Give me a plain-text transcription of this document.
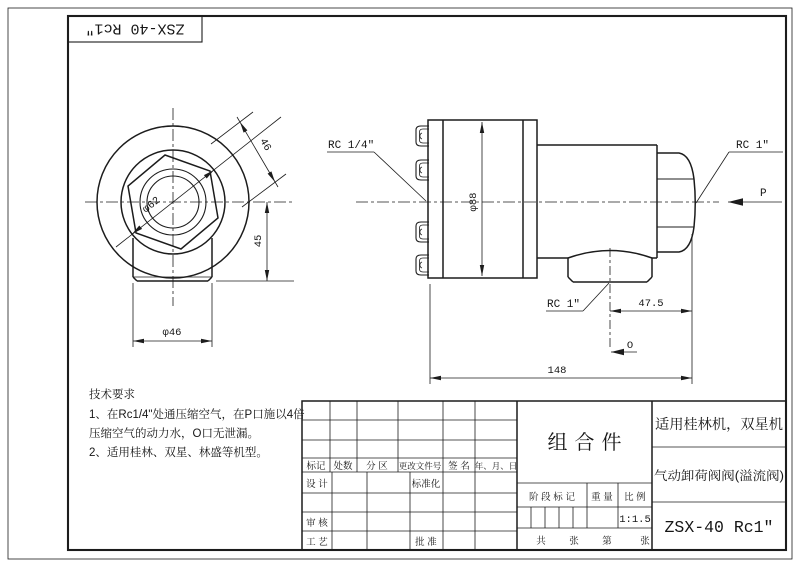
ZSX-40 Rc1"
φ62
46
45
φ46
φ88
RC 1/4"	RC 1"
P
RC 1"	47.5
O
148
技术要求
1、在Rc1/4"处通压缩空气，在P口施以4倍
压缩空气的动力水，O口无泄漏。
2、适用桂林、双星、林盛等机型。
标记 处数 分 区 更改文件号 签 名 年、月、日
设 计	标准化
审 核
工 艺	批 准
组合件
阶 段 标 记 重 量 比 例
1:1.5
共 张 第	张
适用桂林机，双星机
气动卸荷阀阀(溢流阀)
ZSX-40 Rc1"
